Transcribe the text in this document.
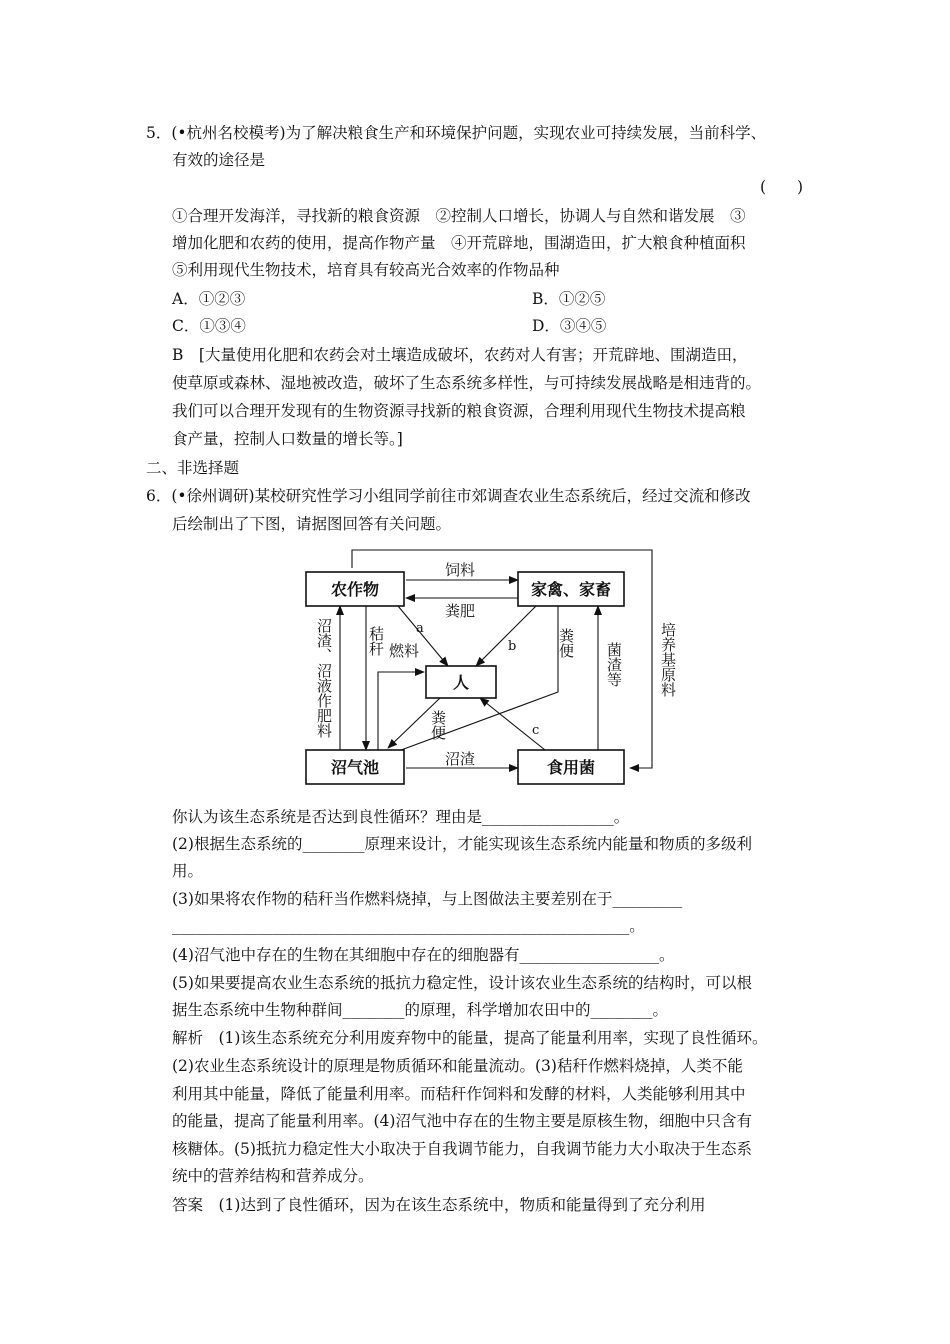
5．(•杭州名校模考)为了解决粮食生产和环境保护问题，实现农业可持续发展，当前科学、
有效的途径是
(　　)
①合理开发海洋，寻找新的粮食资源　②控制人口增长，协调人与自然和谐发展　③
增加化肥和农药的使用，提高作物产量　④开荒辟地，围湖造田，扩大粮食种植面积
⑤利用现代生物技术，培育具有较高光合效率的作物品种
A．①②③	B．①②⑤
C．①③④	D．③④⑤
B　[大量使用化肥和农药会对土壤造成破坏，农药对人有害；开荒辟地、围湖造田，
使草原或森林、湿地被改造，破坏了生态系统多样性，与可持续发展战略是相违背的。
我们可以合理开发现有的生物资源寻找新的粮食资源，合理利用现代生物技术提高粮
食产量，控制人口数量的增长等。]
二、非选择题
6．(•徐州调研)某校研究性学习小组同学前往市郊调查农业生态系统后，经过交流和修改
后绘制出了下图，请据图回答有关问题。
农作物	家禽、家畜
人
沼气池	食用菌
饲料
粪肥
沼渣
燃料
a
b
c
沼渣、沼液作肥料 秸秆
粪便
粪便 菌渣等 培养基原料
你认为该生态系统是否达到良性循环？理由是_________________。
(2)根据生态系统的________原理来设计，才能实现该生态系统内能量和物质的多级利
用。
(3)如果将农作物的秸秆当作燃料烧掉，与上图做法主要差别在于_________
___________________________________________________________。
(4)沼气池中存在的生物在其细胞中存在的细胞器有__________________。
(5)如果要提高农业生态系统的抵抗力稳定性，设计该农业生态系统的结构时，可以根
据生态系统中生物种群间________的原理，科学增加农田中的________。
解析　(1)该生态系统充分利用废弃物中的能量，提高了能量利用率，实现了良性循环。
(2)农业生态系统设计的原理是物质循环和能量流动。(3)秸秆作燃料烧掉，人类不能
利用其中能量，降低了能量利用率。而秸秆作饲料和发酵的材料，人类能够利用其中
的能量，提高了能量利用率。(4)沼气池中存在的生物主要是原核生物，细胞中只含有
核糖体。(5)抵抗力稳定性大小取决于自我调节能力，自我调节能力大小取决于生态系
统中的营养结构和营养成分。
答案　(1)达到了良性循环，因为在该生态系统中，物质和能量得到了充分利用
